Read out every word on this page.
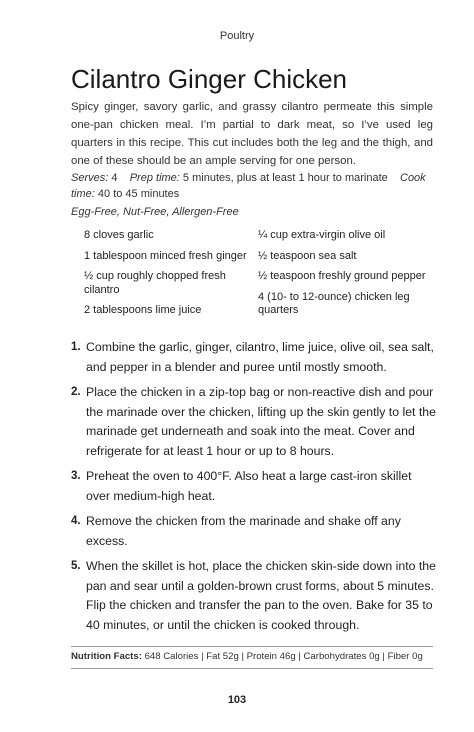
Poultry
Cilantro Ginger Chicken

Spicy ginger, savory garlic, and grassy cilantro permeate this simple one-pan chicken meal. I’m partial to dark meat, so I’ve used leg quarters in this recipe. This cut includes both the leg and the thigh, and one of these should be an ample serving for one person.

Serves: 4 Prep time: 5 minutes, plus at least 1 hour to marinate Cook time: 40 to 45 minutes

Egg-Free, Nut-Free, Allergen-Free

8 cloves garlic
1 tablespoon minced fresh ginger
½ cup roughly chopped fresh cilantro
2 tablespoons lime juice
¼ cup extra-virgin olive oil
½ teaspoon sea salt
½ teaspoon freshly ground pepper
4 (10- to 12-ounce) chicken leg quarters
1. Combine the garlic, ginger, cilantro, lime juice, olive oil, sea salt, and pepper in a blender and puree until mostly smooth.
2. Place the chicken in a zip-top bag or non-reactive dish and pour the marinade over the chicken, lifting up the skin gently to let the marinade get underneath and soak into the meat. Cover and refrigerate for at least 1 hour or up to 8 hours.
3. Preheat the oven to 400°F. Also heat a large cast-iron skillet over medium-high heat.
4. Remove the chicken from the marinade and shake off any excess.
5. When the skillet is hot, place the chicken skin-side down into the pan and sear until a golden-brown crust forms, about 5 minutes. Flip the chicken and transfer the pan to the oven. Bake for 35 to 40 minutes, or until the chicken is cooked through.
Nutrition Facts: 648 Calories | Fat 52g | Protein 46g | Carbohydrates 0g | Fiber 0g
103
